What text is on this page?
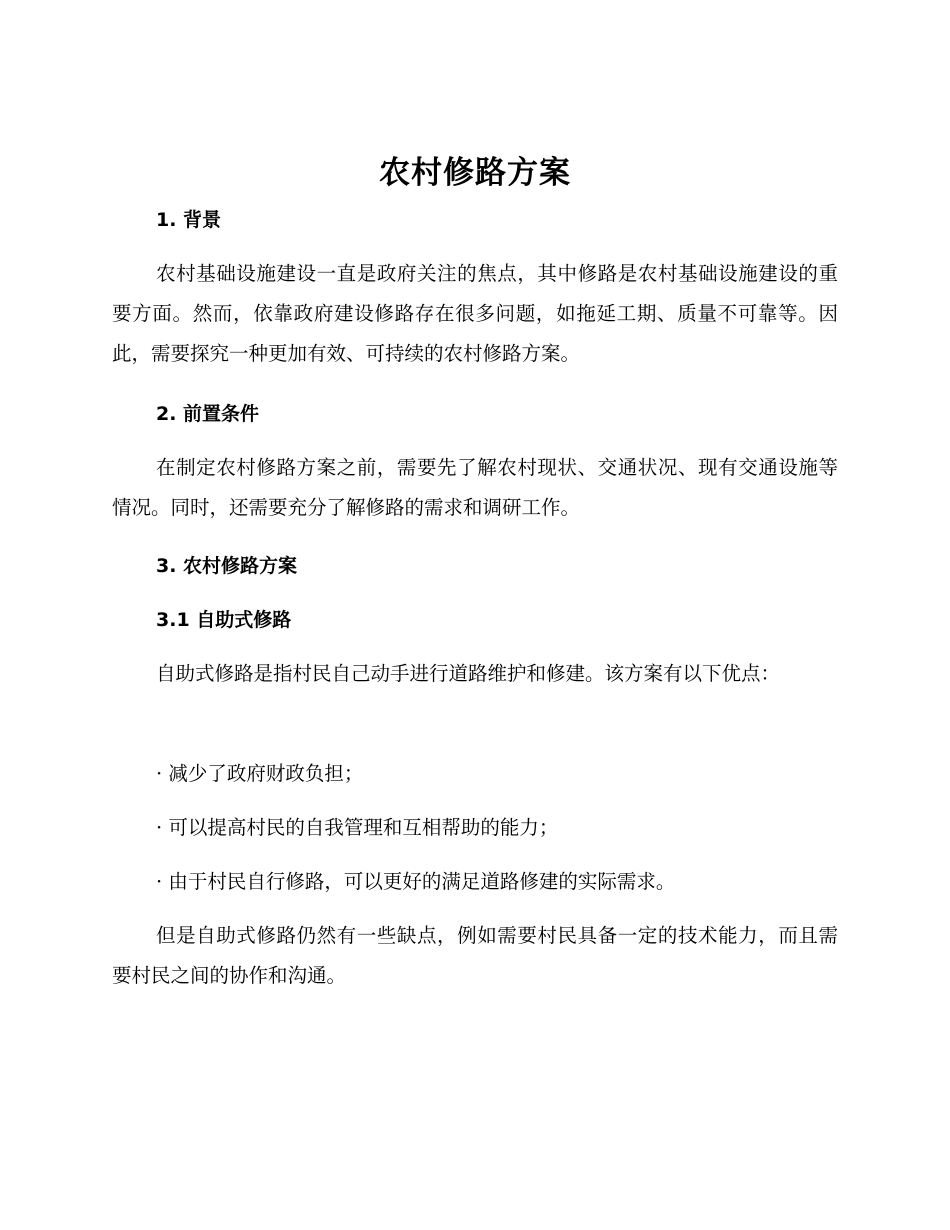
农村修路方案
1. 背景

农村基础设施建设一直是政府关注的焦点，其中修路是农村基础设施建设的重要方面。然而，依靠政府建设修路存在很多问题，如拖延工期、质量不可靠等。因此，需要探究一种更加有效、可持续的农村修路方案。

2. 前置条件

在制定农村修路方案之前，需要先了解农村现状、交通状况、现有交通设施等情况。同时，还需要充分了解修路的需求和调研工作。

3. 农村修路方案
3.1 自助式修路

自助式修路是指村民自己动手进行道路维护和修建。该方案有以下优点：

· 减少了政府财政负担；

· 可以提高村民的自我管理和互相帮助的能力；

· 由于村民自行修路，可以更好的满足道路修建的实际需求。

但是自助式修路仍然有一些缺点，例如需要村民具备一定的技术能力，而且需要村民之间的协作和沟通。
